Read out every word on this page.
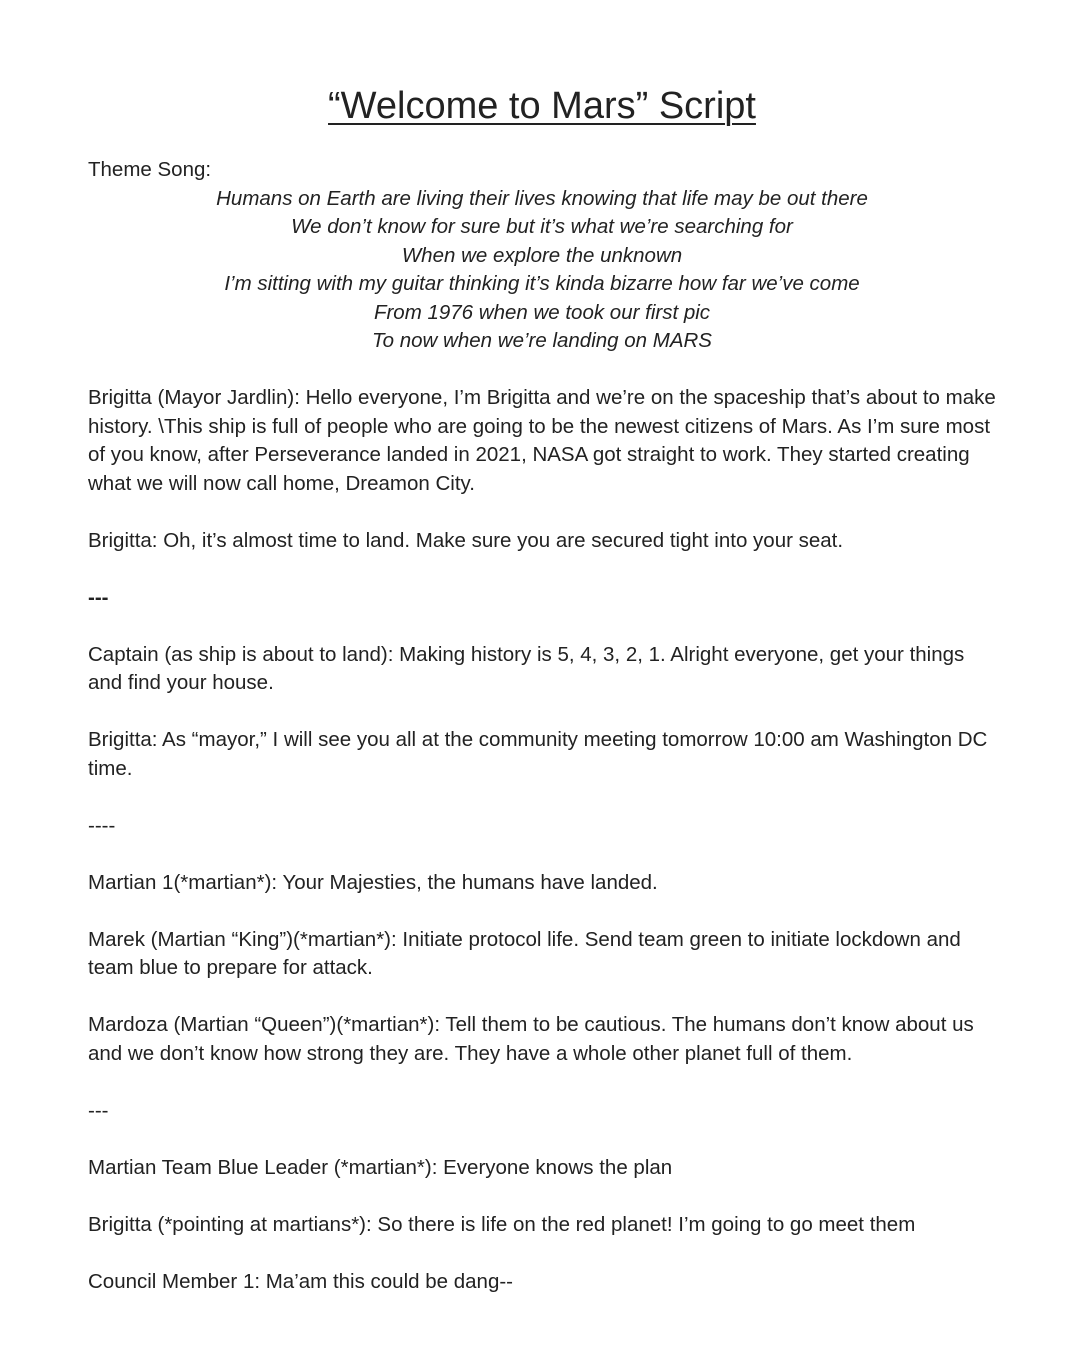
“Welcome to Mars” Script

Theme Song:

Humans on Earth are living their lives knowing that life may be out there
We don’t know for sure but it’s what we’re searching for
When we explore the unknown
I’m sitting with my guitar thinking it’s kinda bizarre how far we’ve come
From 1976 when we took our first pic
To now when we’re landing on MARS

Brigitta (Mayor Jardlin): Hello everyone, I’m Brigitta and we’re on the spaceship that’s about to make history. \This ship is full of people who are going to be the newest citizens of Mars. As I’m sure most of you know, after Perseverance landed in 2021, NASA got straight to work. They started creating what we will now call home, Dreamon City.

Brigitta: Oh, it’s almost time to land. Make sure you are secured tight into your seat.

---

Captain (as ship is about to land): Making history is 5, 4, 3, 2, 1. Alright everyone, get your things and find your house.

Brigitta: As “mayor,” I will see you all at the community meeting tomorrow 10:00 am Washington DC time.

----

Martian 1(*martian*): Your Majesties, the humans have landed.

Marek (Martian “King”)(*martian*): Initiate protocol life. Send team green to initiate lockdown and team blue to prepare for attack.

Mardoza (Martian “Queen”)(*martian*): Tell them to be cautious. The humans don’t know about us and we don’t know how strong they are. They have a whole other planet full of them.

---

Martian Team Blue Leader (*martian*): Everyone knows the plan

Brigitta (*pointing at martians*): So there is life on the red planet! I’m going to go meet them

Council Member 1: Ma’am this could be dang--
